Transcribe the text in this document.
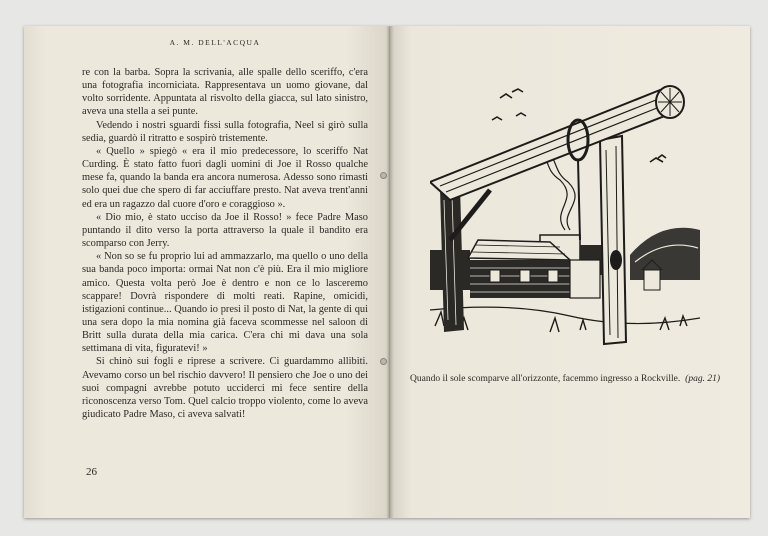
A. M. DELL'ACQUA

re con la barba. Sopra la scrivania, alle spalle dello sceriffo, c'era una fotografia incorniciata. Rappresentava un uomo giovane, dal volto sorridente. Appuntata al risvolto della giacca, sul lato sinistro, aveva una stella a sei punte.

Vedendo i nostri sguardi fissi sulla fotografia, Neel si girò sulla sedia, guardò il ritratto e sospirò tristemente.

« Quello » spiegò « era il mio predecessore, lo sceriffo Nat Curding. È stato fatto fuori dagli uomini di Joe il Rosso qualche mese fa, quando la banda era ancora numerosa. Adesso sono rimasti solo quei due che spero di far acciuffare presto. Nat aveva trent'anni ed era un ragazzo dal cuore d'oro e coraggioso ».

« Dio mio, è stato ucciso da Joe il Rosso! » fece Padre Maso puntando il dito verso la porta attraverso la quale il bandito era scomparso con Jerry.

« Non so se fu proprio lui ad ammazzarlo, ma quello o uno della sua banda poco importa: ormai Nat non c'è più. Era il mio migliore amico. Questa volta però Joe è dentro e non ce lo lasceremo scappare! Dovrà rispondere di molti reati. Rapine, omicidi, istigazioni continue... Quando io presi il posto di Nat, la gente di qui una sera dopo la mia nomina già faceva scommesse nel saloon di Britt sulla durata della mia carica. C'era chi mi dava una sola settimana di vita, figuratevi! »

Si chinò sui fogli e riprese a scrivere. Ci guardammo allibiti. Avevamo corso un bel rischio davvero! Il pensiero che Joe o uno dei suoi compagni avrebbe potuto ucciderci mi fece sentire della riconoscenza verso Tom. Quel calcio troppo violento, come lo aveva giudicato Padre Maso, ci aveva salvati!

26
Quando il sole scomparve all'orizzonte, facemmo ingresso a Rockville. (pag. 21)
